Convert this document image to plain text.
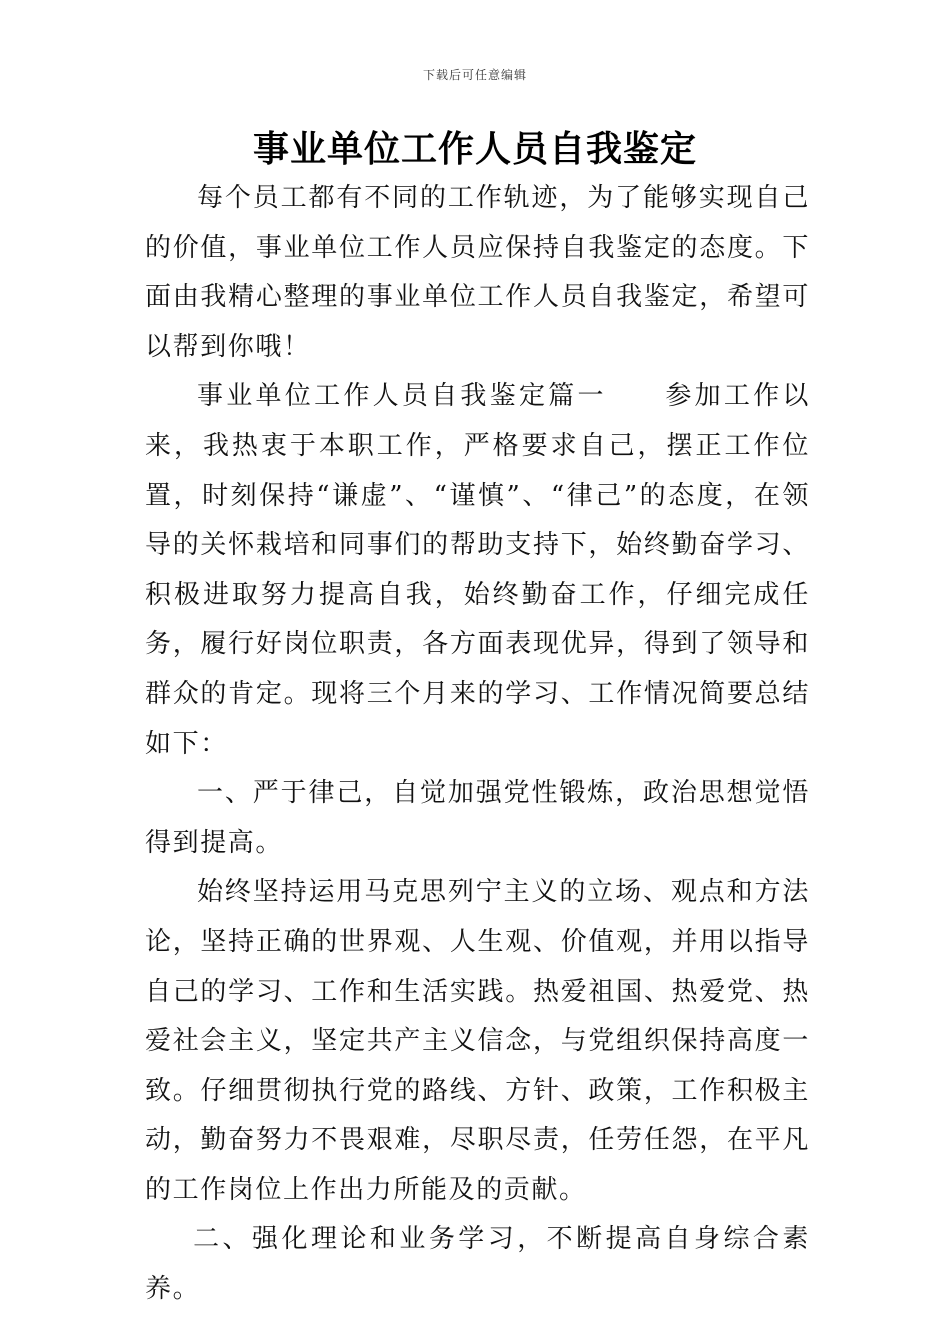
下载后可任意编辑
事业单位工作人员自我鉴定

每个员工都有不同的工作轨迹，为了能够实现自己的价值，事业单位工作人员应保持自我鉴定的态度。下面由我精心整理的事业单位工作人员自我鉴定，希望可以帮到你哦！

事业单位工作人员自我鉴定篇一　　参加工作以来，我热衷于本职工作，严格要求自己，摆正工作位置，时刻保持“谦虚”、“谨慎”、“律己”的态度，在领导的关怀栽培和同事们的帮助支持下，始终勤奋学习、积极进取努力提高自我，始终勤奋工作，仔细完成任务，履行好岗位职责，各方面表现优异，得到了领导和群众的肯定。现将三个月来的学习、工作情况简要总结如下：

一、严于律己，自觉加强党性锻炼，政治思想觉悟得到提高。

始终坚持运用马克思列宁主义的立场、观点和方法论，坚持正确的世界观、人生观、价值观，并用以指导自己的学习、工作和生活实践。热爱祖国、热爱党、热爱社会主义，坚定共产主义信念，与党组织保持高度一致。仔细贯彻执行党的路线、方针、政策，工作积极主动，勤奋努力不畏艰难，尽职尽责，任劳任怨，在平凡的工作岗位上作出力所能及的贡献。

二、强化理论和业务学习，不断提高自身综合素养。
